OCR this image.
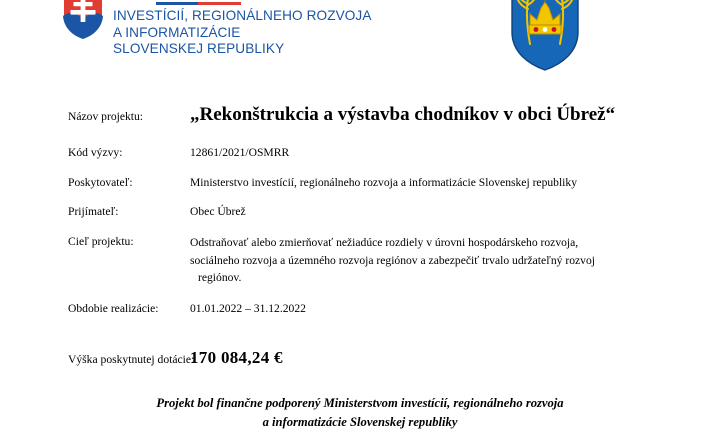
INVESTÍCIÍ, REGIONÁLNEHO ROZVOJA
A INFORMATIZÁCIE
SLOVENSKEJ REPUBLIKY
Názov projektu:	„Rekonštrukcia a výstavba chodníkov v obci Úbrež“
Kód výzvy:	12861/2021/OSMRR
Poskytovateľ:	Ministerstvo investícií, regionálneho rozvoja a informatizácie Slovenskej republiky
Prijímateľ:	Obec Úbrež
Cieľ projektu:	Odstraňovať alebo zmierňovať nežiadúce rozdiely v úrovni hospodárskeho rozvoja, sociálneho rozvoja a územného rozvoja regiónov a zabezpečiť trvalo udržateľný rozvoj
regiónov.
Obdobie realizácie:	01.01.2022 – 31.12.2022
Výška poskytnutej dotácie:
170 084,24 €
Projekt bol finančne podporený Ministerstvom investícií, regionálneho rozvoja
a informatizácie Slovenskej republiky
